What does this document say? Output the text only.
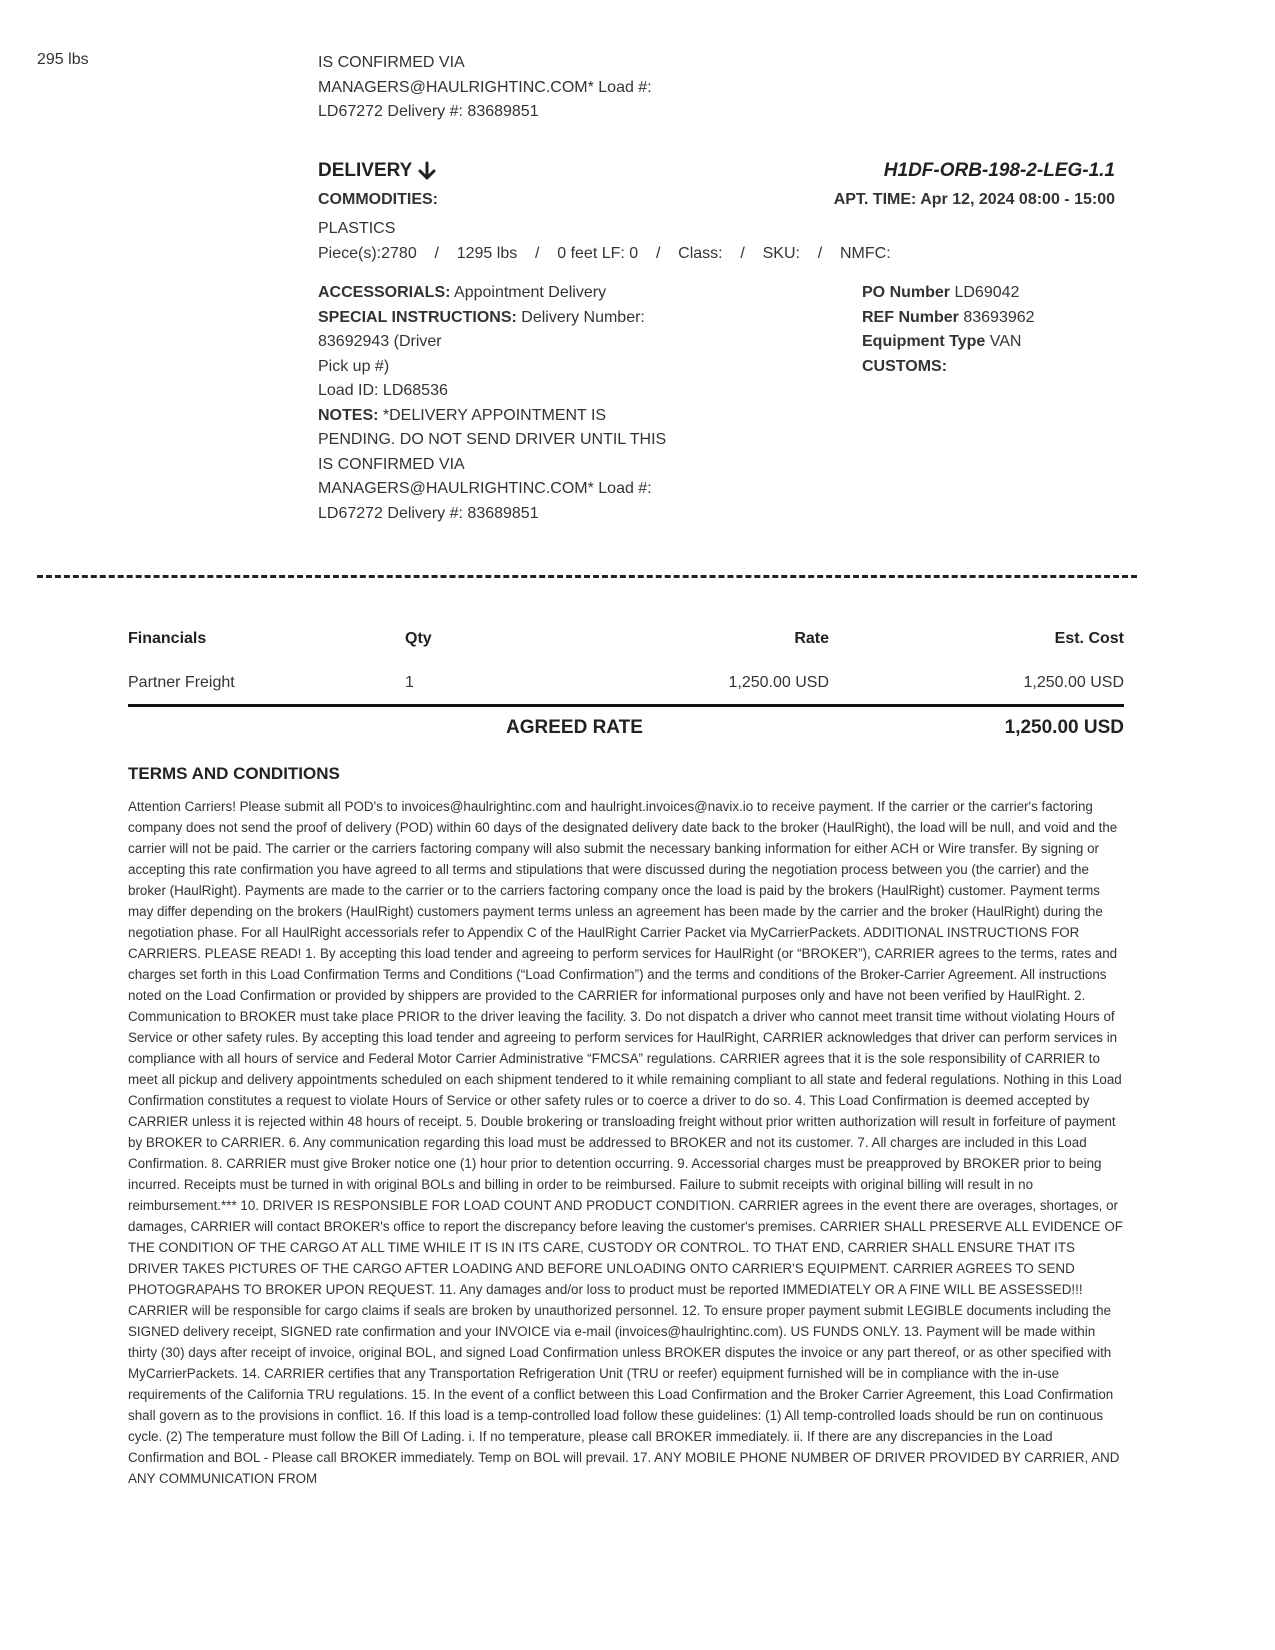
295 lbs	IS CONFIRMED VIA
MANAGERS@HAULRIGHTINC.COM* Load #:
LD67272 Delivery #: 83689851
DELIVERY	H1DF-ORB-198-2-LEG-1.1
COMMODITIES:	APT. TIME: Apr 12, 2024 08:00 - 15:00
PLASTICS
Piece(s):2780    /    1295 lbs    /    0 feet LF: 0    /    Class:    /    SKU:    /    NMFC:
ACCESSORIALS: Appointment Delivery
SPECIAL INSTRUCTIONS: Delivery Number:
83692943 (Driver
Pick up #)
Load ID: LD68536
NOTES: *DELIVERY APPOINTMENT IS
PENDING. DO NOT SEND DRIVER UNTIL THIS
IS CONFIRMED VIA
MANAGERS@HAULRIGHTINC.COM* Load #:
LD67272 Delivery #: 83689851
PO Number LD69042
REF Number 83693962
Equipment Type VAN
CUSTOMS:
Financials	Qty	Rate	Est. Cost
Partner Freight	1	1,250.00 USD	1,250.00 USD
AGREED RATE	1,250.00 USD
TERMS AND CONDITIONS
Attention Carriers! Please submit all POD's to invoices@haulrightinc.com and haulright.invoices@navix.io to receive payment. If the carrier or the carrier's factoring company does not send the proof of delivery (POD) within 60 days of the designated delivery date back to the broker (HaulRight), the load will be null, and void and the carrier will not be paid. The carrier or the carriers factoring company will also submit the necessary banking information for either ACH or Wire transfer. By signing or accepting this rate confirmation you have agreed to all terms and stipulations that were discussed during the negotiation process between you (the carrier) and the broker (HaulRight). Payments are made to the carrier or to the carriers factoring company once the load is paid by the brokers (HaulRight) customer. Payment terms may differ depending on the brokers (HaulRight) customers payment terms unless an agreement has been made by the carrier and the broker (HaulRight) during the negotiation phase. For all HaulRight accessorials refer to Appendix C of the HaulRight Carrier Packet via MyCarrierPackets. ADDITIONAL INSTRUCTIONS FOR CARRIERS. PLEASE READ! 1. By accepting this load tender and agreeing to perform services for HaulRight (or “BROKER”), CARRIER agrees to the terms, rates and charges set forth in this Load Confirmation Terms and Conditions (“Load Confirmation”) and the terms and conditions of the Broker-Carrier Agreement. All instructions noted on the Load Confirmation or provided by shippers are provided to the CARRIER for informational purposes only and have not been verified by HaulRight. 2. Communication to BROKER must take place PRIOR to the driver leaving the facility. 3. Do not dispatch a driver who cannot meet transit time without violating Hours of Service or other safety rules. By accepting this load tender and agreeing to perform services for HaulRight, CARRIER acknowledges that driver can perform services in compliance with all hours of service and Federal Motor Carrier Administrative “FMCSA” regulations. CARRIER agrees that it is the sole responsibility of CARRIER to meet all pickup and delivery appointments scheduled on each shipment tendered to it while remaining compliant to all state and federal regulations. Nothing in this Load Confirmation constitutes a request to violate Hours of Service or other safety rules or to coerce a driver to do so. 4. This Load Confirmation is deemed accepted by CARRIER unless it is rejected within 48 hours of receipt. 5. Double brokering or transloading freight without prior written authorization will result in forfeiture of payment by BROKER to CARRIER. 6. Any communication regarding this load must be addressed to BROKER and not its customer. 7. All charges are included in this Load Confirmation. 8. CARRIER must give Broker notice one (1) hour prior to detention occurring. 9. Accessorial charges must be preapproved by BROKER prior to being incurred. Receipts must be turned in with original BOLs and billing in order to be reimbursed. Failure to submit receipts with original billing will result in no reimbursement.*** 10. DRIVER IS RESPONSIBLE FOR LOAD COUNT AND PRODUCT CONDITION. CARRIER agrees in the event there are overages, shortages, or damages, CARRIER will contact BROKER's office to report the discrepancy before leaving the customer's premises. CARRIER SHALL PRESERVE ALL EVIDENCE OF THE CONDITION OF THE CARGO AT ALL TIME WHILE IT IS IN ITS CARE, CUSTODY OR CONTROL. TO THAT END, CARRIER SHALL ENSURE THAT ITS DRIVER TAKES PICTURES OF THE CARGO AFTER LOADING AND BEFORE UNLOADING ONTO CARRIER'S EQUIPMENT. CARRIER AGREES TO SEND PHOTOGRAPAHS TO BROKER UPON REQUEST. 11. Any damages and/or loss to product must be reported IMMEDIATELY OR A FINE WILL BE ASSESSED!!! CARRIER will be responsible for cargo claims if seals are broken by unauthorized personnel. 12. To ensure proper payment submit LEGIBLE documents including the SIGNED delivery receipt, SIGNED rate confirmation and your INVOICE via e-mail (invoices@haulrightinc.com). US FUNDS ONLY. 13. Payment will be made within thirty (30) days after receipt of invoice, original BOL, and signed Load Confirmation unless BROKER disputes the invoice or any part thereof, or as other specified with MyCarrierPackets. 14. CARRIER certifies that any Transportation Refrigeration Unit (TRU or reefer) equipment furnished will be in compliance with the in-use requirements of the California TRU regulations. 15. In the event of a conflict between this Load Confirmation and the Broker Carrier Agreement, this Load Confirmation shall govern as to the provisions in conflict. 16. If this load is a temp-controlled load follow these guidelines: (1) All temp-controlled loads should be run on continuous cycle. (2) The temperature must follow the Bill Of Lading. i. If no temperature, please call BROKER immediately. ii. If there are any discrepancies in the Load Confirmation and BOL - Please call BROKER immediately. Temp on BOL will prevail. 17. ANY MOBILE PHONE NUMBER OF DRIVER PROVIDED BY CARRIER, AND ANY COMMUNICATION FROM
